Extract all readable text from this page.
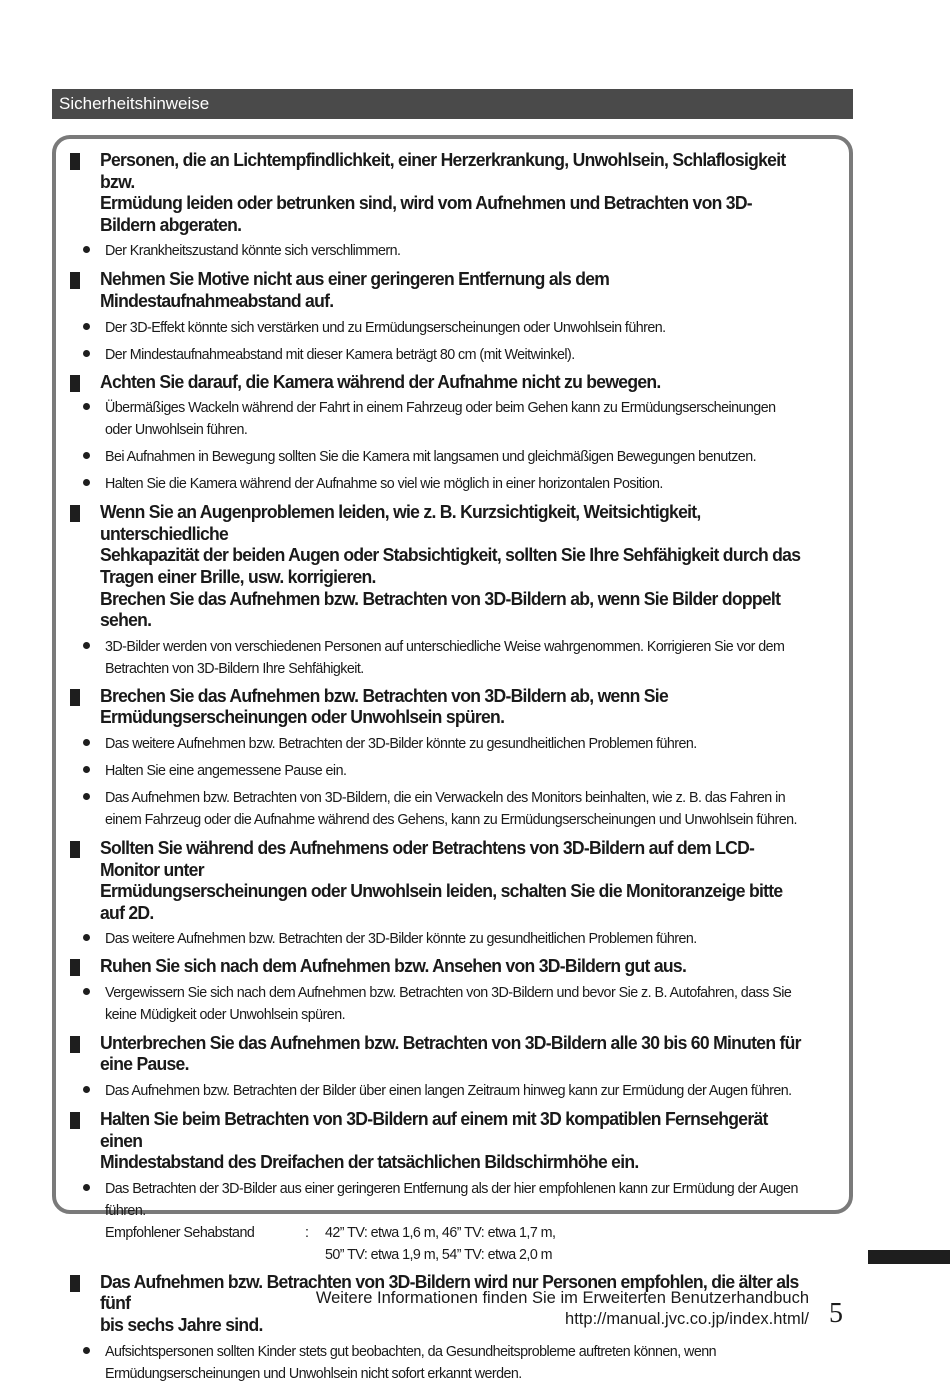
Sicherheitshinweise
Personen, die an Lichtempfindlichkeit, einer Herzerkrankung, Unwohlsein, Schlaflosigkeit bzw.
Ermüdung leiden oder betrunken sind, wird vom Aufnehmen und Betrachten von 3D-Bildern abgeraten.
Der Krankheitszustand könnte sich verschlimmern.
Nehmen Sie Motive nicht aus einer geringeren Entfernung als dem Mindestaufnahmeabstand auf.
Der 3D-Effekt könnte sich verstärken und zu Ermüdungserscheinungen oder Unwohlsein führen.
Der Mindestaufnahmeabstand mit dieser Kamera beträgt 80 cm (mit Weitwinkel).
Achten Sie darauf, die Kamera während der Aufnahme nicht zu bewegen.
Übermäßiges Wackeln während der Fahrt in einem Fahrzeug oder beim Gehen kann zu Ermüdungserscheinungen
oder Unwohlsein führen.
Bei Aufnahmen in Bewegung sollten Sie die Kamera mit langsamen und gleichmäßigen Bewegungen benutzen.
Halten Sie die Kamera während der Aufnahme so viel wie möglich in einer horizontalen Position.
Wenn Sie an Augenproblemen leiden, wie z. B. Kurzsichtigkeit, Weitsichtigkeit, unterschiedliche
Sehkapazität der beiden Augen oder Stabsichtigkeit, sollten Sie Ihre Sehfähigkeit durch das
Tragen einer Brille, usw. korrigieren.
Brechen Sie das Aufnehmen bzw. Betrachten von 3D-Bildern ab, wenn Sie Bilder doppelt sehen.
3D-Bilder werden von verschiedenen Personen auf unterschiedliche Weise wahrgenommen. Korrigieren Sie vor dem
Betrachten von 3D-Bildern Ihre Sehfähigkeit.
Brechen Sie das Aufnehmen bzw. Betrachten von 3D-Bildern ab, wenn Sie
Ermüdungserscheinungen oder Unwohlsein spüren.
Das weitere Aufnehmen bzw. Betrachten der 3D-Bilder könnte zu gesundheitlichen Problemen führen.
Halten Sie eine angemessene Pause ein.
Das Aufnehmen bzw. Betrachten von 3D-Bildern, die ein Verwackeln des Monitors beinhalten, wie z. B. das Fahren in
einem Fahrzeug oder die Aufnahme während des Gehens, kann zu Ermüdungserscheinungen und Unwohlsein führen.
Sollten Sie während des Aufnehmens oder Betrachtens von 3D-Bildern auf dem LCD-Monitor unter
Ermüdungserscheinungen oder Unwohlsein leiden, schalten Sie die Monitoranzeige bitte auf 2D.
Das weitere Aufnehmen bzw. Betrachten der 3D-Bilder könnte zu gesundheitlichen Problemen führen.
Ruhen Sie sich nach dem Aufnehmen bzw. Ansehen von 3D-Bildern gut aus.
Vergewissern Sie sich nach dem Aufnehmen bzw. Betrachten von 3D-Bildern und bevor Sie z. B. Autofahren, dass Sie
keine Müdigkeit oder Unwohlsein spüren.
Unterbrechen Sie das Aufnehmen bzw. Betrachten von 3D-Bildern alle 30 bis 60 Minuten für eine Pause.
Das Aufnehmen bzw. Betrachten der Bilder über einen langen Zeitraum hinweg kann zur Ermüdung der Augen führen.
Halten Sie beim Betrachten von 3D-Bildern auf einem mit 3D kompatiblen Fernsehgerät einen
Mindestabstand des Dreifachen der tatsächlichen Bildschirmhöhe ein.
Das Betrachten der 3D-Bilder aus einer geringeren Entfernung als der hier empfohlenen kann zur Ermüdung der Augen führen.
Empfohlener Sehabstand	:	42” TV: etwa 1,6 m, 46” TV: etwa 1,7 m,
50” TV: etwa 1,9 m, 54” TV: etwa 2,0 m
Das Aufnehmen bzw. Betrachten von 3D-Bildern wird nur Personen empfohlen, die älter als fünf
bis sechs Jahre sind.
Aufsichtspersonen sollten Kinder stets gut beobachten, da Gesundheitsprobleme auftreten können, wenn
Ermüdungserscheinungen und Unwohlsein nicht sofort erkannt werden.
Weitere Informationen finden Sie im Erweiterten Benutzerhandbuch
http://manual.jvc.co.jp/index.html/ 5
